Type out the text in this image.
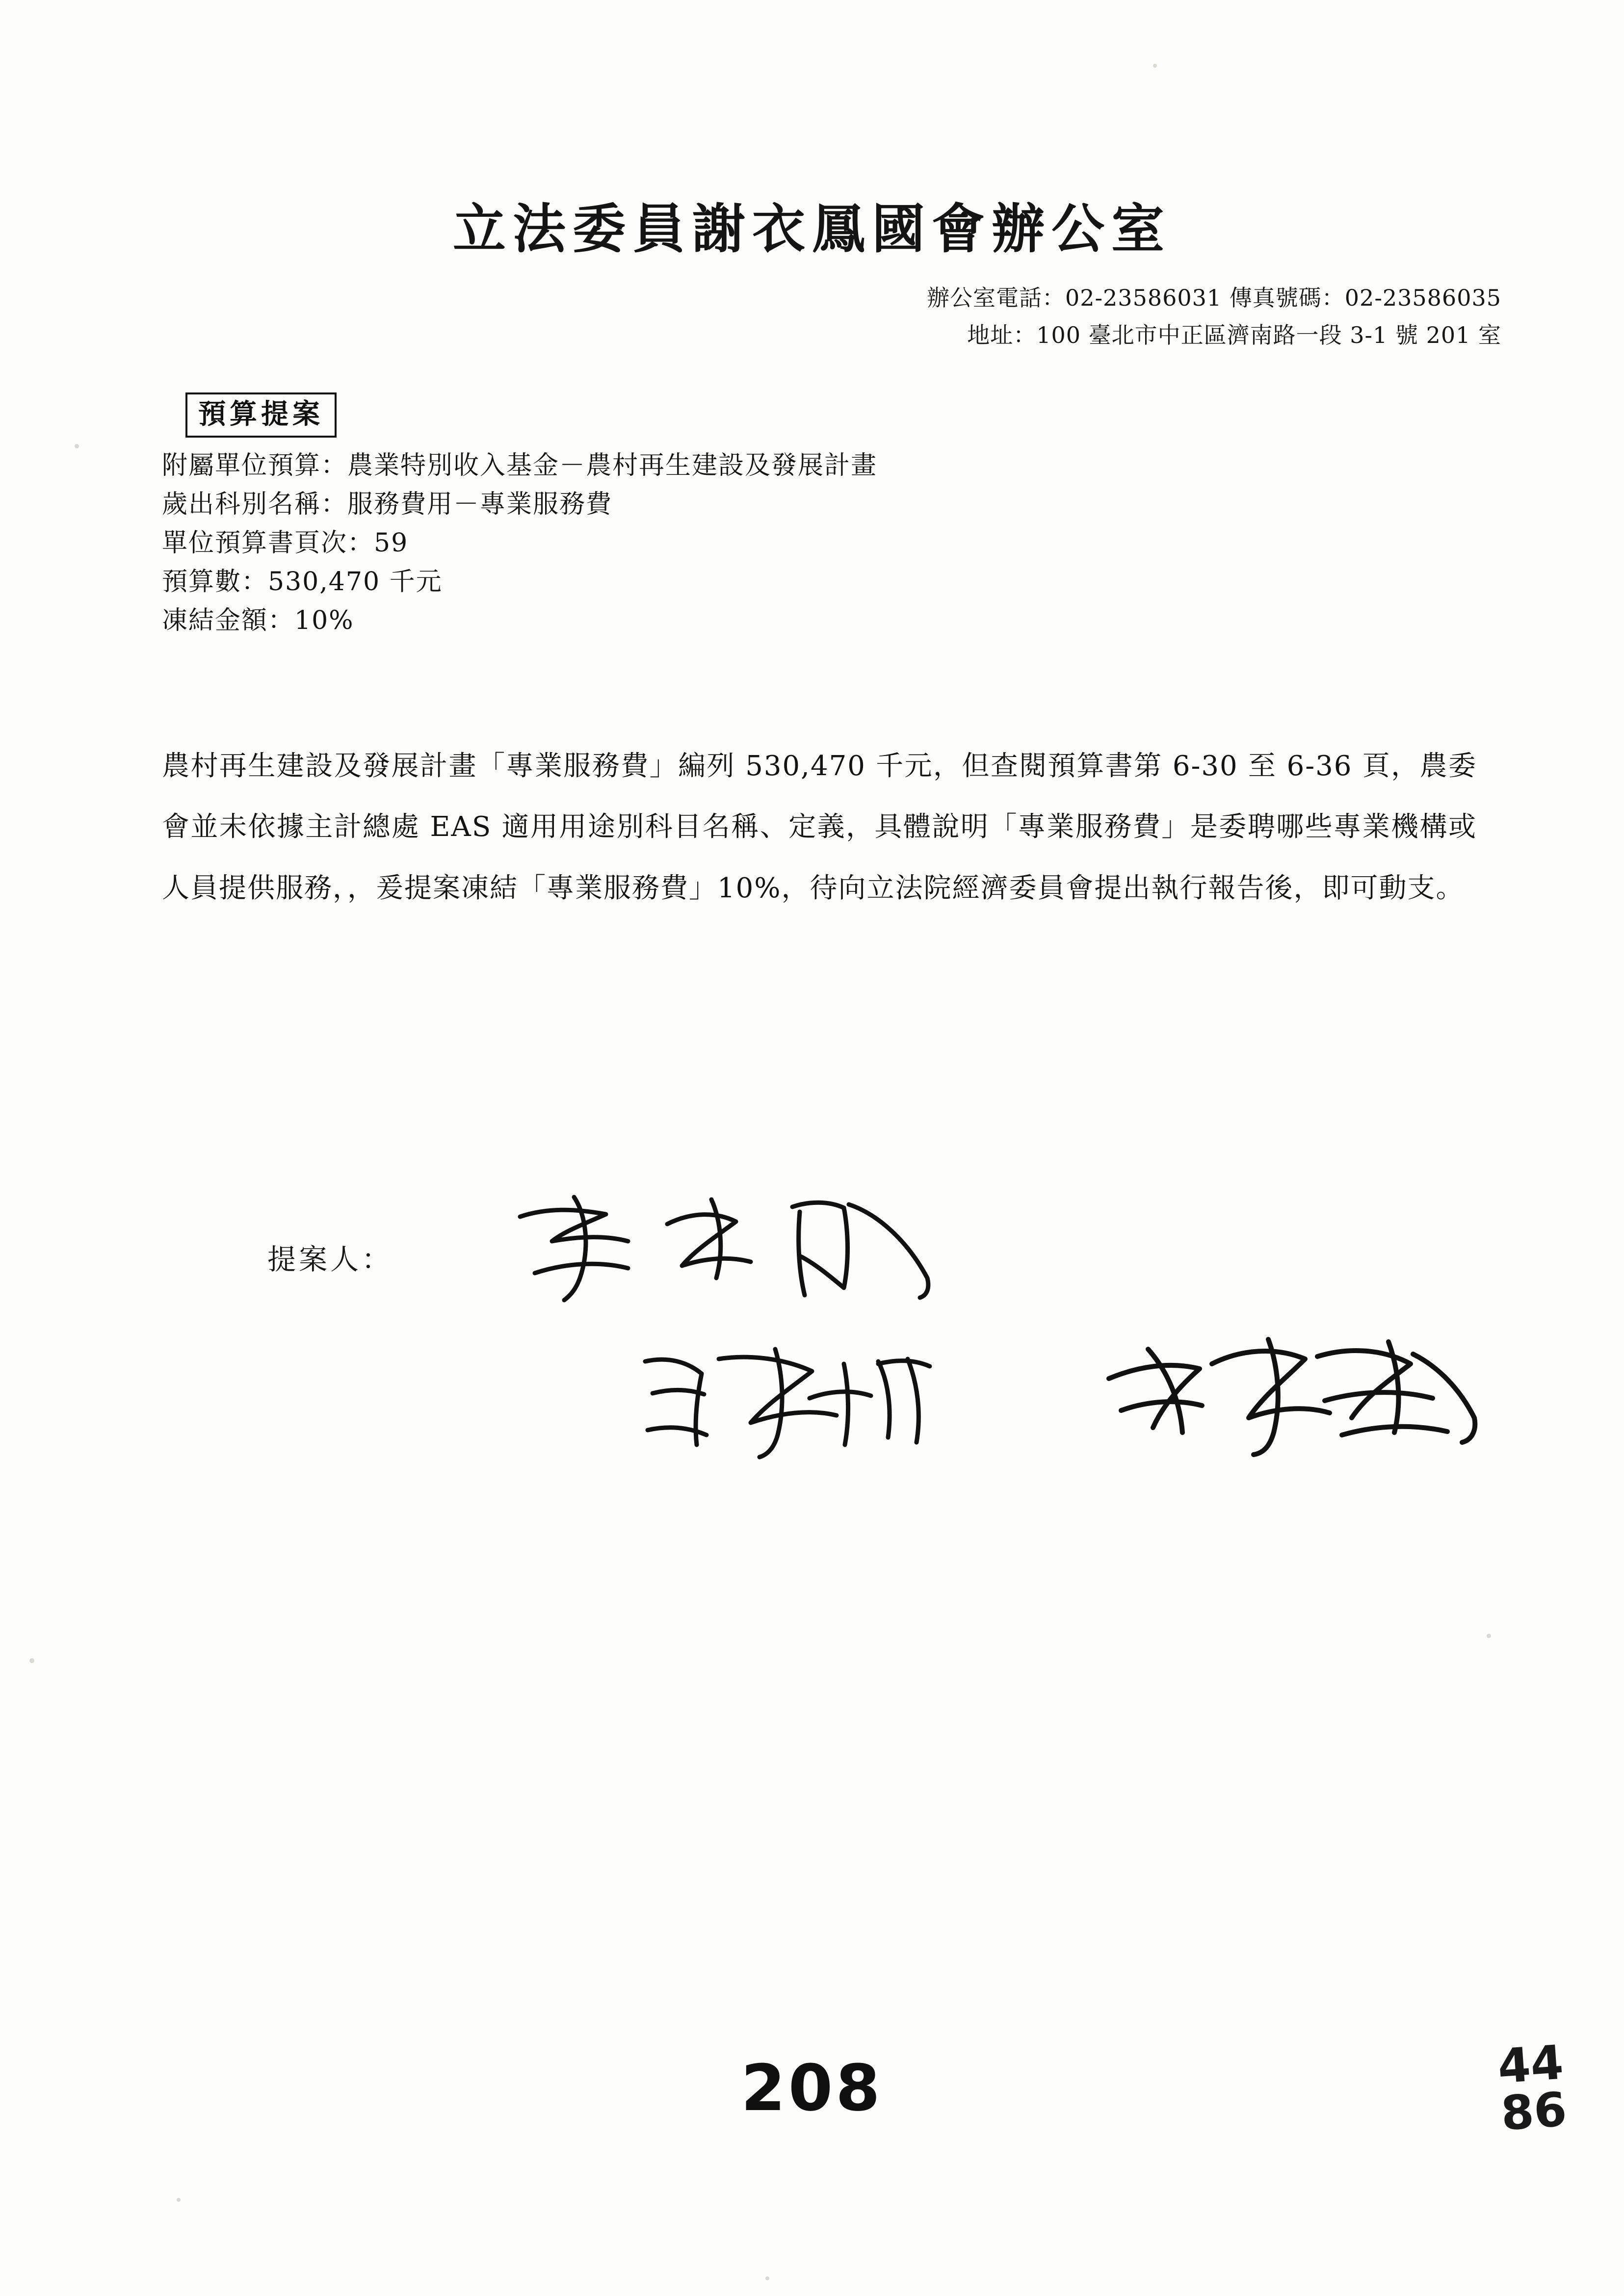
立法委員謝衣鳳國會辦公室
辦公室電話：02-23586031 傳真號碼：02-23586035
地址：100 臺北市中正區濟南路一段 3-1 號 201 室
預算提案
附屬單位預算：農業特別收入基金－農村再生建設及發展計畫
歲出科別名稱：服務費用－專業服務費
單位預算書頁次：59
預算數：530,470 千元
凍結金額：10%
農村再生建設及發展計畫「專業服務費」編列 530,470 千元，但查閱預算書第 6-30 至 6-36 頁，農委會並未依據主計總處 EAS 適用用途別科目名稱、定義，具體說明「專業服務費」是委聘哪些專業機構或人員提供服務，，爰提案凍結「專業服務費」10%，待向立法院經濟委員會提出執行報告後，即可動支。
提案人：
208	44
86
